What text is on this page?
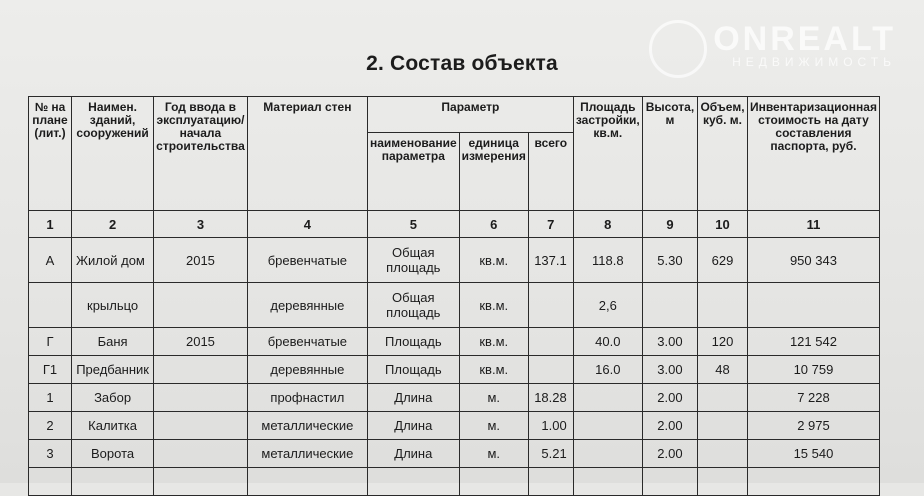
ONREALT
НЕДВИЖИМОСТЬ
2. Состав объекта
№ на плане (лит.)	Наимен. зданий, сооружений	Год ввода в эксплуатацию/ начала строительства	Материал стен	Параметр			Площадь застройки, кв.м.	Высота, м	Объем, куб. м.	Инвентаризационная стоимость на дату составления паспорта, руб.
				наименование параметра	единица измерения	всего				
1	2	3	4	5	6	7	8	9	10	11
А	Жилой дом	2015	бревенчатые	Общая площадь	кв.м.	137.1	118.8	5.30	629	950 343
	крыльцо		деревянные	Общая площадь	кв.м.		2,6			
Г	Баня	2015	бревенчатые	Площадь	кв.м.		40.0	3.00	120	121 542
Г1	Предбанник		деревянные	Площадь	кв.м.		16.0	3.00	48	10 759
1	Забор		профнастил	Длина	м.	18.28		2.00		7 228
2	Калитка		металлические	Длина	м.	1.00		2.00		2 975
3	Ворота		металлические	Длина	м.	5.21		2.00		15 540
